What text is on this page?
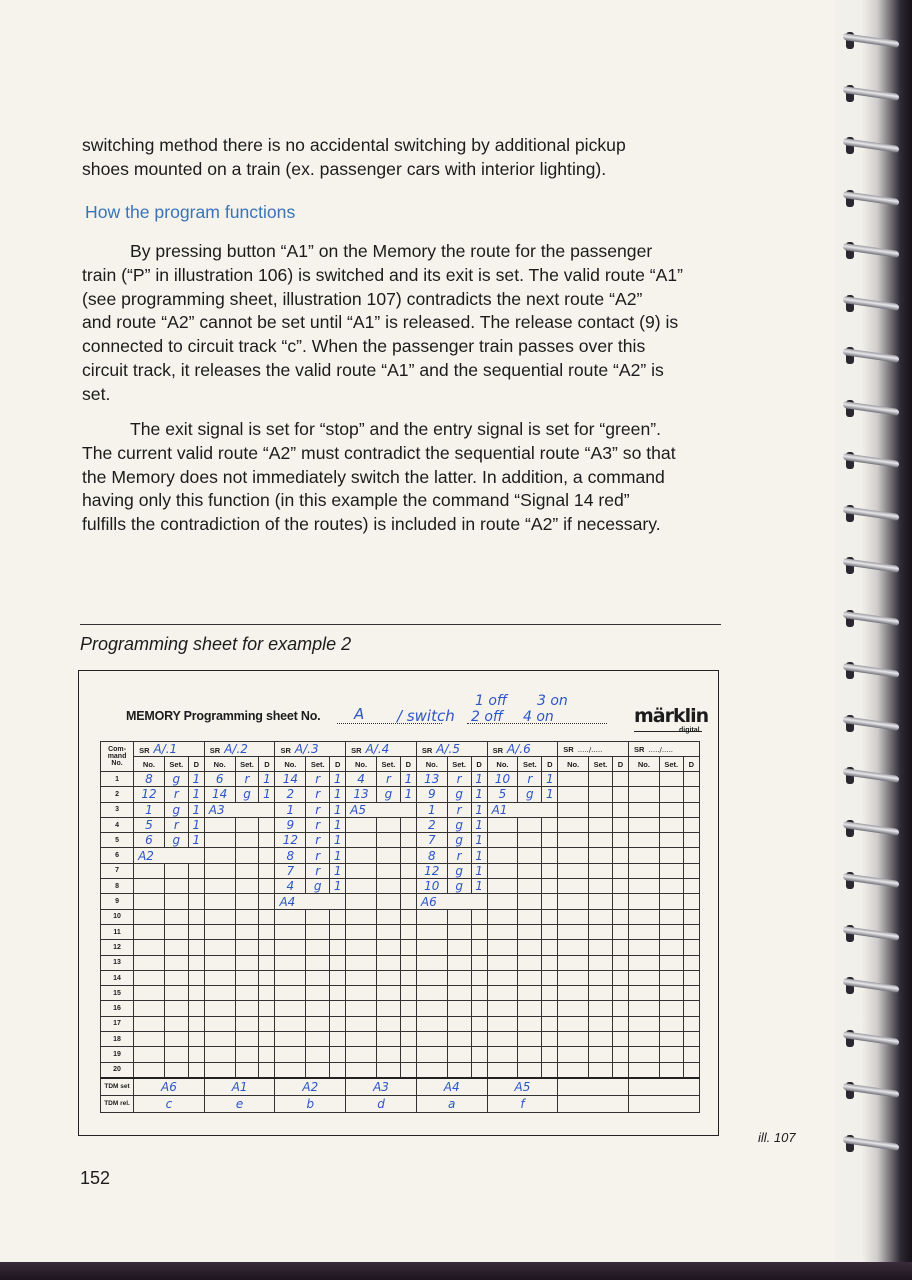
switching method there is no accidental switching by additional pickup
shoes mounted on a train (ex. passenger cars with interior lighting).
How the program functions
By pressing button “A1” on the Memory the route for the passenger
train (“P” in illustration 106) is switched and its exit is set. The valid route “A1”
(see programming sheet, illustration 107) contradicts the next route “A2”
and route “A2” cannot be set until “A1” is released. The release contact (9) is
connected to circuit track “c”. When the passenger train passes over this
circuit track, it releases the valid route “A1” and the sequential route “A2” is
set.
The exit signal is set for “stop” and the entry signal is set for “green”.
The current valid route “A2” must contradict the sequential route “A3” so that
the Memory does not immediately switch the latter. In addition, a command
having only this function (in this example the command “Signal 14 red”
fulfills the contradiction of the routes) is included in route “A2” if necessary.
Programming sheet for example 2
MEMORY Programming sheet No. A / switch
1 off 3 on
2 off 4 on	märklin
digital
Com-
mand
No.	SR A/.1			SR A/.2			SR A/.3			SR A/.4			SR A/.5			SR A/.6			SR ...../.....			SR ...../.....		
	No.	Set.	D	No.	Set.	D	No.	Set.	D	No.	Set.	D	No.	Set.	D	No.	Set.	D	No.	Set.	D	No.	Set.	D
1	8	g	1	6	r	1	14	r	1	4	r	1	13	r	1	10	r	1						
2	12	r	1	14	g	1	2	r	1	13	g	1	9	g	1	5	g	1						
3	1	g	1	A3			1	r	1	A5			1	r	1	A1								
4	5	r	1				9	r	1				2	g	1									
5	6	g	1				12	r	1				7	g	1									
6	A2						8	r	1				8	r	1									
7							7	r	1				12	g	1									
8							4	g	1				10	g	1									
9							A4						A6											
10																								
11																								
12																								
13																								
14																								
15																								
16																								
17																								
18																								
19																								
20																								
TDM set	A6			A1			A2			A3			A4			A5								
TDM rel.	c			e			b			d			a			f								
ill. 107
152
